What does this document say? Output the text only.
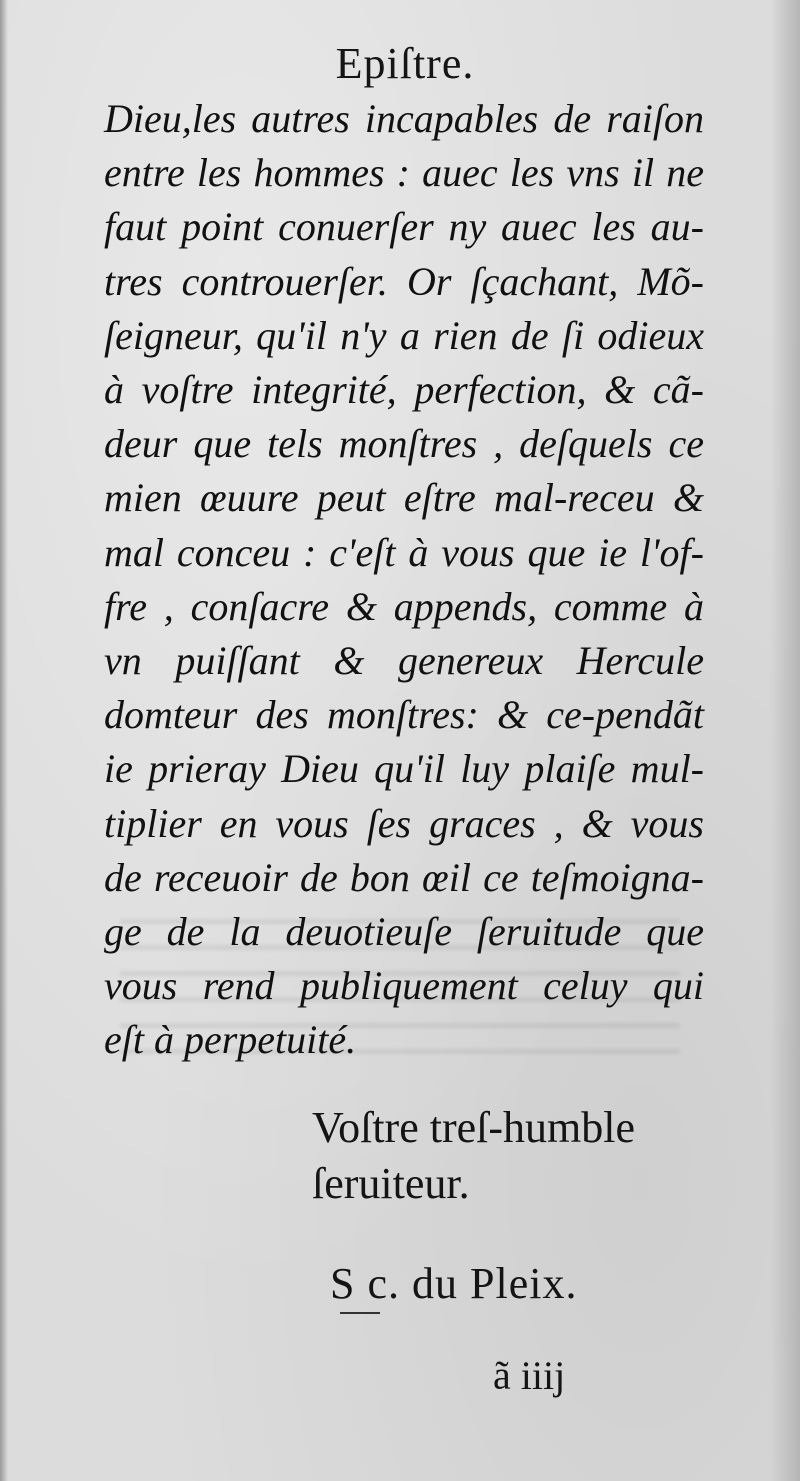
Epiſtre.
Dieu,les autres incapables de raiſon
entre les hommes : auec les vns il ne
faut point conuerſer ny auec les au-
tres controuerſer. Or ſçachant, Mõ-
ſeigneur, qu'il n'y a rien de ſi odieux
à voſtre integrité, perfection, & cã-
deur que tels monſtres , deſquels ce
mien œuure peut eſtre mal-receu &
mal conceu : c'eſt à vous que ie l'of-
fre , conſacre & appends, comme à
vn puiſſant & genereux Hercule
domteur des monſtres: & ce-pendãt
ie prieray Dieu qu'il luy plaiſe mul-
tiplier en vous ſes graces , & vous
de receuoir de bon œil ce teſmoigna-
ge de la deuotieuſe ſeruitude que
vous rend publiquement celuy qui
eſt à perpetuité.
Voſtre treſ-humble
ſeruiteur.
S c. du Pleix.
ã iiij
